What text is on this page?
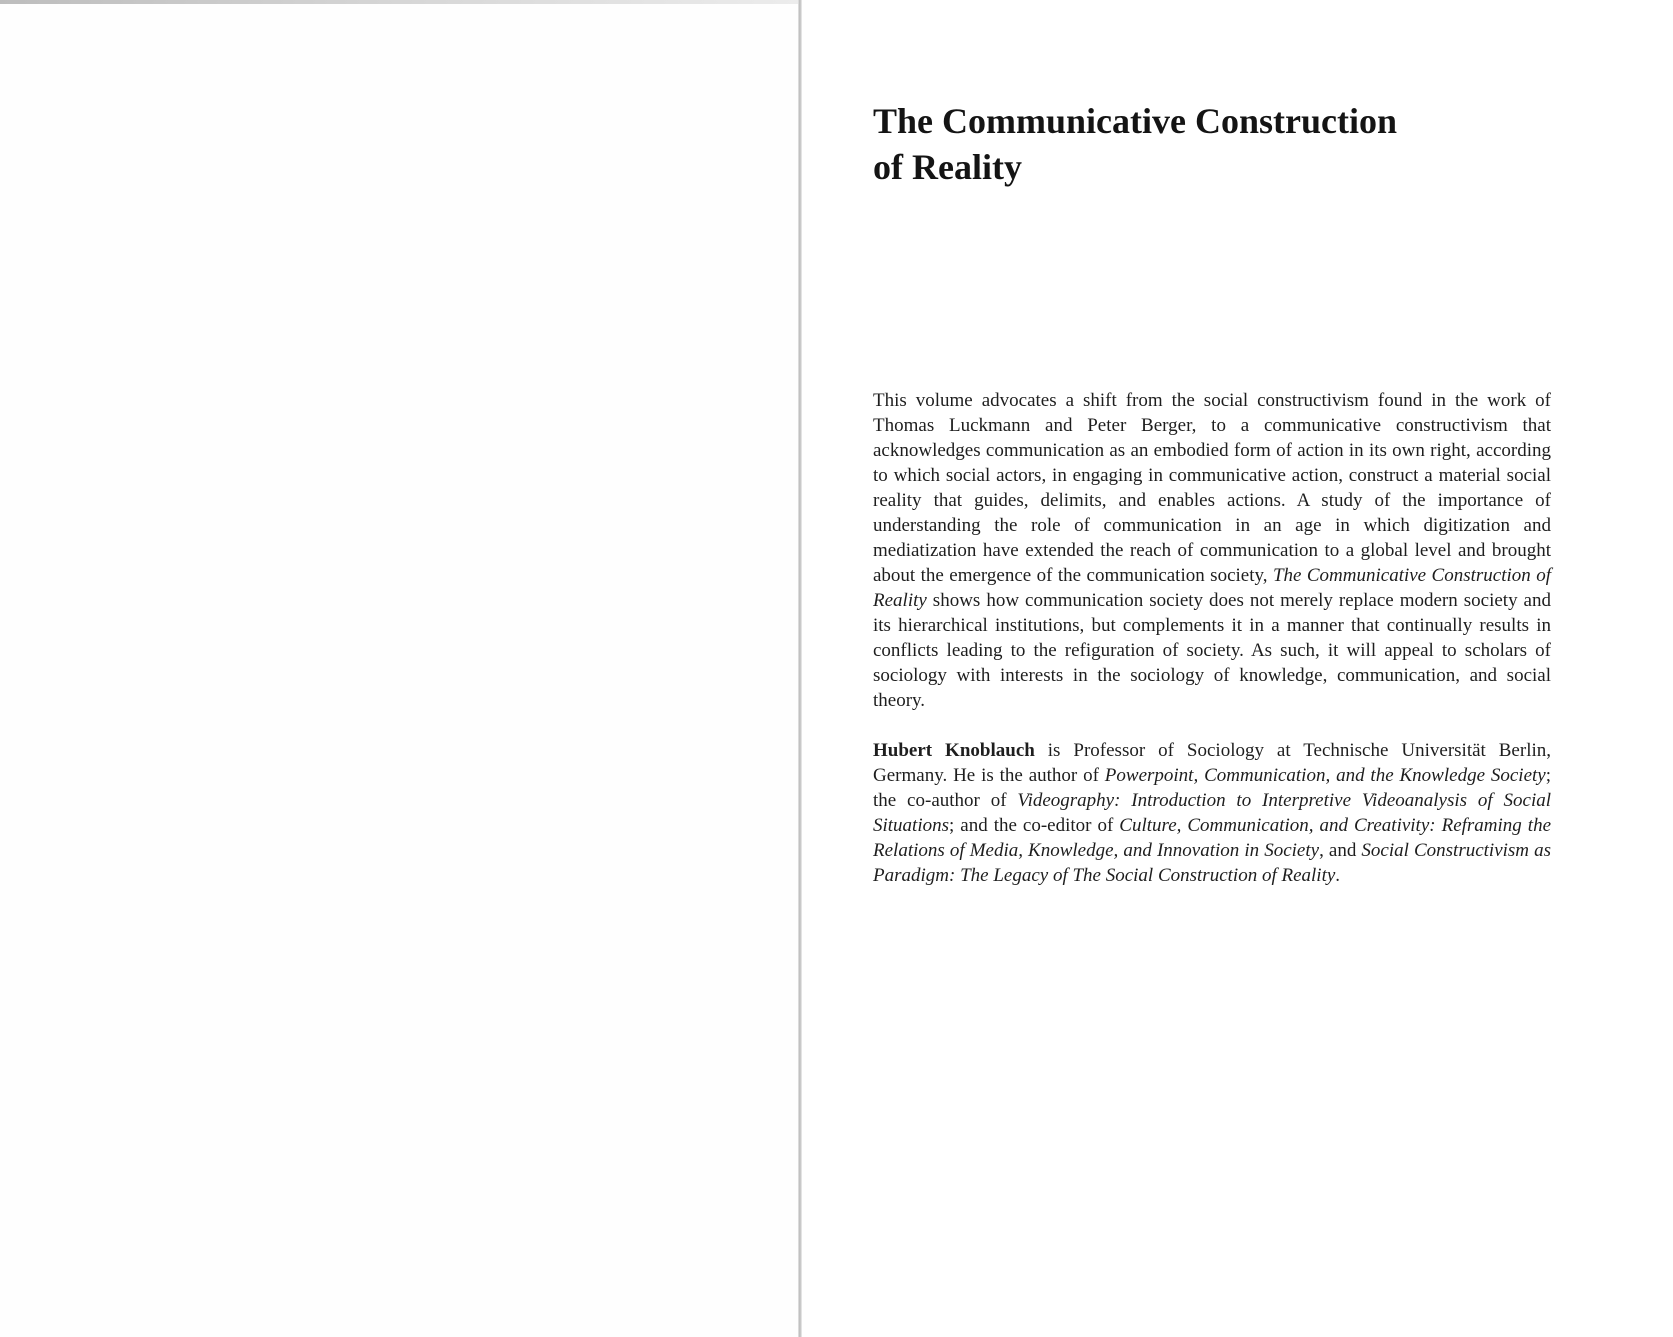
The Communicative Construction
of Reality

This volume advocates a shift from the social constructivism found in the work of Thomas Luckmann and Peter Berger, to a communicative constructivism that acknowledges communication as an embodied form of action in its own right, according to which social actors, in engaging in communicative action, construct a material social reality that guides, delimits, and enables actions. A study of the importance of understanding the role of communication in an age in which digitization and mediatization have extended the reach of communication to a global level and brought about the emergence of the communication society, The Communicative Construction of Reality shows how communication society does not merely replace modern society and its hierarchical institutions, but complements it in a manner that continually results in conflicts leading to the refiguration of society. As such, it will appeal to scholars of sociology with interests in the sociology of knowledge, communication, and social theory.

Hubert Knoblauch is Professor of Sociology at Technische Universität Berlin, Germany. He is the author of Powerpoint, Communication, and the Knowledge Society; the co-author of Videography: Introduction to Interpretive Videoanalysis of Social Situations; and the co-editor of Culture, Communication, and Creativity: Reframing the Relations of Media, Knowledge, and Innovation in Society, and Social Constructivism as Paradigm: The Legacy of The Social Construction of Reality.
